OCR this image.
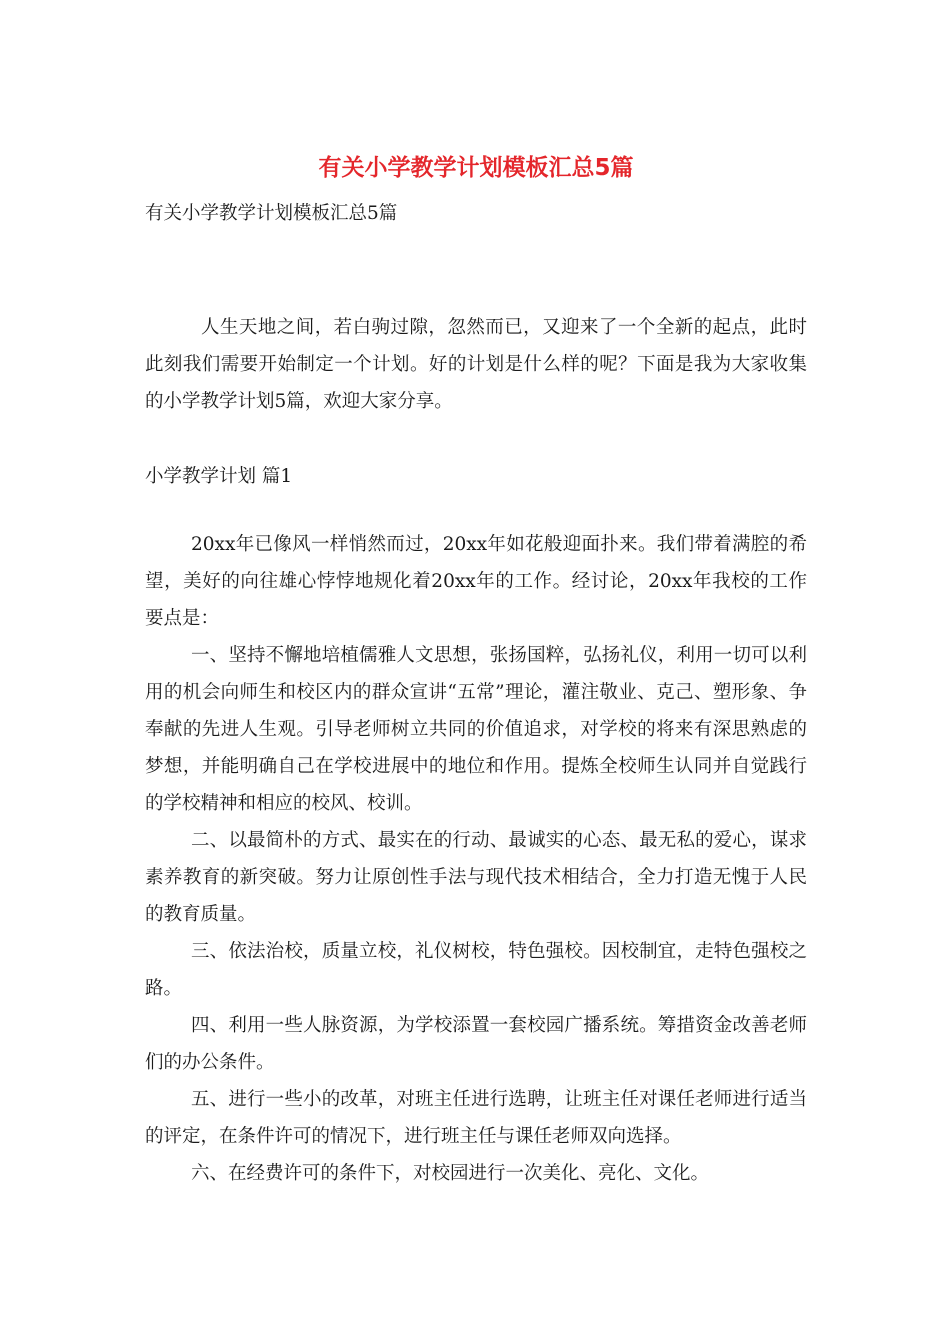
有关小学教学计划模板汇总5篇

有关小学教学计划模板汇总5篇

人生天地之间，若白驹过隙，忽然而已，又迎来了一个全新的起点，此时此刻我们需要开始制定一个计划。好的计划是什么样的呢？下面是我为大家收集的小学教学计划5篇，欢迎大家分享。

小学教学计划 篇1

20xx年已像风一样悄然而过，20xx年如花般迎面扑来。我们带着满腔的希望，美好的向往雄心悖悖地规化着20xx年的工作。经讨论，20xx年我校的工作要点是：

一、坚持不懈地培植儒雅人文思想，张扬国粹，弘扬礼仪，利用一切可以利用的机会向师生和校区内的群众宣讲“五常”理论，灌注敬业、克己、塑形象、争奉献的先进人生观。引导老师树立共同的价值追求，对学校的将来有深思熟虑的梦想，并能明确自己在学校进展中的地位和作用。提炼全校师生认同并自觉践行的学校精神和相应的校风、校训。

二、以最简朴的方式、最实在的行动、最诚实的心态、最无私的爱心，谋求素养教育的新突破。努力让原创性手法与现代技术相结合，全力打造无愧于人民的教育质量。

三、依法治校，质量立校，礼仪树校，特色强校。因校制宜，走特色强校之路。

四、利用一些人脉资源，为学校添置一套校园广播系统。筹措资金改善老师们的办公条件。

五、进行一些小的改革，对班主任进行选聘，让班主任对课任老师进行适当的评定，在条件许可的情况下，进行班主任与课任老师双向选择。

六、在经费许可的条件下，对校园进行一次美化、亮化、文化。
